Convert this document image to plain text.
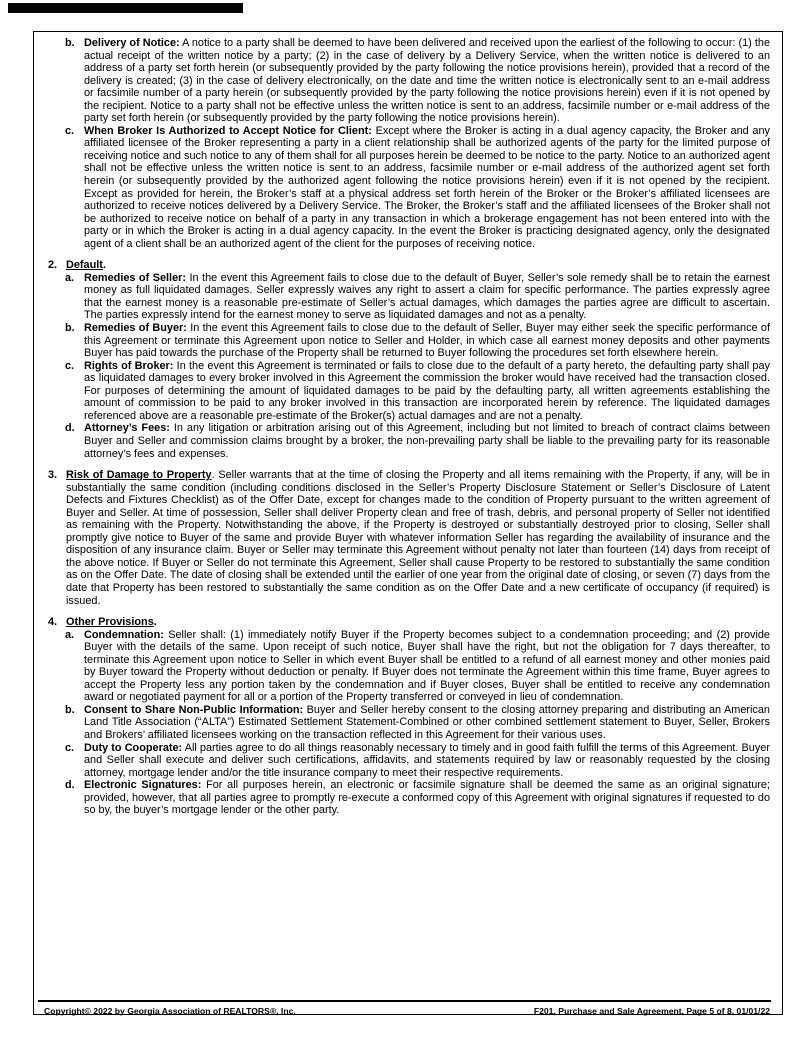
b. Delivery of Notice: A notice to a party shall be deemed to have been delivered and received upon the earliest of the following to occur: (1) the actual receipt of the written notice by a party; (2) in the case of delivery by a Delivery Service, when the written notice is delivered to an address of a party set forth herein (or subsequently provided by the party following the notice provisions herein), provided that a record of the delivery is created; (3) in the case of delivery electronically, on the date and time the written notice is electronically sent to an e-mail address or facsimile number of a party herein (or subsequently provided by the party following the notice provisions herein) even if it is not opened by the recipient. Notice to a party shall not be effective unless the written notice is sent to an address, facsimile number or e-mail address of the party set forth herein (or subsequently provided by the party following the notice provisions herein).
c. When Broker Is Authorized to Accept Notice for Client: Except where the Broker is acting in a dual agency capacity, the Broker and any affiliated licensee of the Broker representing a party in a client relationship shall be authorized agents of the party for the limited purpose of receiving notice and such notice to any of them shall for all purposes herein be deemed to be notice to the party. Notice to an authorized agent shall not be effective unless the written notice is sent to an address, facsimile number or e-mail address of the authorized agent set forth herein (or subsequently provided by the authorized agent following the notice provisions herein) even if it is not opened by the recipient. Except as provided for herein, the Broker’s staff at a physical address set forth herein of the Broker or the Broker’s affiliated licensees are authorized to receive notices delivered by a Delivery Service. The Broker, the Broker’s staff and the affiliated licensees of the Broker shall not be authorized to receive notice on behalf of a party in any transaction in which a brokerage engagement has not been entered into with the party or in which the Broker is acting in a dual agency capacity. In the event the Broker is practicing designated agency, only the designated agent of a client shall be an authorized agent of the client for the purposes of receiving notice.
2. Default.
a. Remedies of Seller: In the event this Agreement fails to close due to the default of Buyer, Seller’s sole remedy shall be to retain the earnest money as full liquidated damages. Seller expressly waives any right to assert a claim for specific performance. The parties expressly agree that the earnest money is a reasonable pre-estimate of Seller’s actual damages, which damages the parties agree are difficult to ascertain. The parties expressly intend for the earnest money to serve as liquidated damages and not as a penalty.
b. Remedies of Buyer: In the event this Agreement fails to close due to the default of Seller, Buyer may either seek the specific performance of this Agreement or terminate this Agreement upon notice to Seller and Holder, in which case all earnest money deposits and other payments Buyer has paid towards the purchase of the Property shall be returned to Buyer following the procedures set forth elsewhere herein.
c. Rights of Broker: In the event this Agreement is terminated or fails to close due to the default of a party hereto, the defaulting party shall pay as liquidated damages to every broker involved in this Agreement the commission the broker would have received had the transaction closed. For purposes of determining the amount of liquidated damages to be paid by the defaulting party, all written agreements establishing the amount of commission to be paid to any broker involved in this transaction are incorporated herein by reference. The liquidated damages referenced above are a reasonable pre-estimate of the Broker(s) actual damages and are not a penalty.
d. Attorney’s Fees: In any litigation or arbitration arising out of this Agreement, including but not limited to breach of contract claims between Buyer and Seller and commission claims brought by a broker, the non-prevailing party shall be liable to the prevailing party for its reasonable attorney’s fees and expenses.
3. Risk of Damage to Property. Seller warrants that at the time of closing the Property and all items remaining with the Property, if any, will be in substantially the same condition (including conditions disclosed in the Seller’s Property Disclosure Statement or Seller’s Disclosure of Latent Defects and Fixtures Checklist) as of the Offer Date, except for changes made to the condition of Property pursuant to the written agreement of Buyer and Seller. At time of possession, Seller shall deliver Property clean and free of trash, debris, and personal property of Seller not identified as remaining with the Property. Notwithstanding the above, if the Property is destroyed or substantially destroyed prior to closing, Seller shall promptly give notice to Buyer of the same and provide Buyer with whatever information Seller has regarding the availability of insurance and the disposition of any insurance claim. Buyer or Seller may terminate this Agreement without penalty not later than fourteen (14) days from receipt of the above notice. If Buyer or Seller do not terminate this Agreement, Seller shall cause Property to be restored to substantially the same condition as on the Offer Date. The date of closing shall be extended until the earlier of one year from the original date of closing, or seven (7) days from the date that Property has been restored to substantially the same condition as on the Offer Date and a new certificate of occupancy (if required) is issued.
4. Other Provisions.
a. Condemnation: Seller shall: (1) immediately notify Buyer if the Property becomes subject to a condemnation proceeding; and (2) provide Buyer with the details of the same. Upon receipt of such notice, Buyer shall have the right, but not the obligation for 7 days thereafter, to terminate this Agreement upon notice to Seller in which event Buyer shall be entitled to a refund of all earnest money and other monies paid by Buyer toward the Property without deduction or penalty. If Buyer does not terminate the Agreement within this time frame, Buyer agrees to accept the Property less any portion taken by the condemnation and if Buyer closes, Buyer shall be entitled to receive any condemnation award or negotiated payment for all or a portion of the Property transferred or conveyed in lieu of condemnation.
b. Consent to Share Non-Public Information: Buyer and Seller hereby consent to the closing attorney preparing and distributing an American Land Title Association (“ALTA”) Estimated Settlement Statement-Combined or other combined settlement statement to Buyer, Seller, Brokers and Brokers’ affiliated licensees working on the transaction reflected in this Agreement for their various uses.
c. Duty to Cooperate: All parties agree to do all things reasonably necessary to timely and in good faith fulfill the terms of this Agreement. Buyer and Seller shall execute and deliver such certifications, affidavits, and statements required by law or reasonably requested by the closing attorney, mortgage lender and/or the title insurance company to meet their respective requirements.
d. Electronic Signatures: For all purposes herein, an electronic or facsimile signature shall be deemed the same as an original signature; provided, however, that all parties agree to promptly re-execute a conformed copy of this Agreement with original signatures if requested to do so by, the buyer’s mortgage lender or the other party.
Copyright© 2022 by Georgia Association of REALTORS®, Inc.	F201, Purchase and Sale Agreement, Page 5 of 8, 01/01/22
